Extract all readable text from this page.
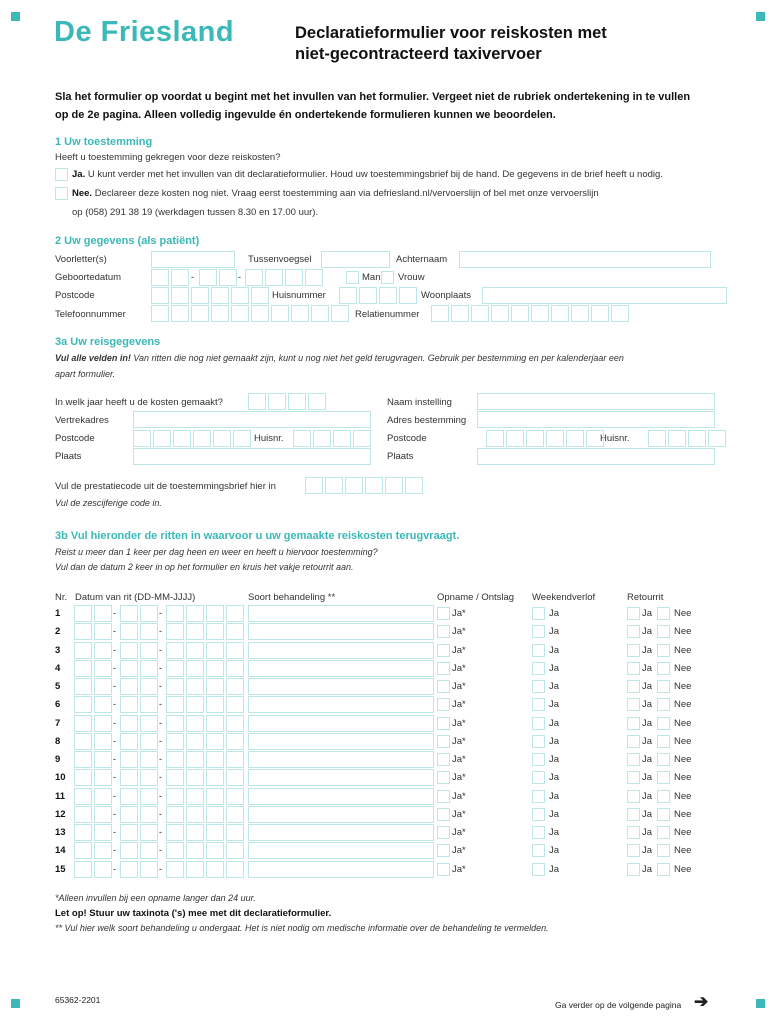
De Friesland	Declaratieformulier voor reiskosten met
niet-gecontracteerd taxivervoer
Sla het formulier op voordat u begint met het invullen van het formulier. Vergeet niet de rubriek ondertekening in te vullen
op de 2e pagina. Alleen volledig ingevulde én ondertekende formulieren kunnen we beoordelen.
1 Uw toestemming
Heeft u toestemming gekregen voor deze reiskosten?
Ja. U kunt verder met het invullen van dit declaratieformulier. Houd uw toestemmingsbrief bij de hand. De gegevens in de brief heeft u nodig.
Nee. Declareer deze kosten nog niet. Vraag eerst toestemming aan via defriesland.nl/vervoerslijn of bel met onze vervoerslijn
op (058) 291 38 19 (werkdagen tussen 8.30 en 17.00 uur).
2 Uw gegevens (als patiënt)
Voorletter(s)	Tussenvoegsel	Achternaam
Geboortedatum	-	-	Man Vrouw
Postcode	Huisnummer	Woonplaats
Telefoonnummer	Relatienummer
3a Uw reisgegevens
Vul alle velden in! Van ritten die nog niet gemaakt zijn, kunt u nog niet het geld terugvragen. Gebruik per bestemming en per kalenderjaar een
apart formulier.
In welk jaar heeft u de kosten gemaakt?	Naam instelling
Vertrekadres	Adres bestemming
Postcode	Huisnr.	Postcode	Huisnr.
Plaats	Plaats
Vul de prestatiecode uit de toestemmingsbrief hier in
Vul de zescijferige code in.
3b Vul hieronder de ritten in waarvoor u uw gemaakte reiskosten terugvraagt.
Reist u meer dan 1 keer per dag heen en weer en heeft u hiervoor toestemming?
Vul dan de datum 2 keer in op het formulier en kruis het vakje retourrit aan.
Nr. Datum van rit (DD-MM-JJJJ)	Soort behandeling **	Opname / Ontslag Weekendverlof	Retourrit
*Alleen invullen bij een opname langer dan 24 uur.
Let op! Stuur uw taxinota ('s) mee met dit declaratieformulier.
** Vul hier welk soort behandeling u ondergaat. Het is niet nodig om medische informatie over de behandeling te vermelden.
65362-2201	Ga verder op de volgende pagina ➔
1	-	-	Ja*	Ja	Ja Nee
2	-	-	Ja*	Ja	Ja Nee
3	-	-	Ja*	Ja	Ja Nee
4	-	-	Ja*	Ja	Ja Nee
5	-	-	Ja*	Ja	Ja Nee
6	-	-	Ja*	Ja	Ja Nee
7	-	-	Ja*	Ja	Ja Nee
8	-	-	Ja*	Ja	Ja Nee
9	-	-	Ja*	Ja	Ja Nee
10	-	-	Ja*	Ja	Ja Nee
11	-	-	Ja*	Ja	Ja Nee
12	-	-	Ja*	Ja	Ja Nee
13	-	-	Ja*	Ja	Ja Nee
14	-	-	Ja*	Ja	Ja Nee
15	-	-	Ja*	Ja	Ja Nee
